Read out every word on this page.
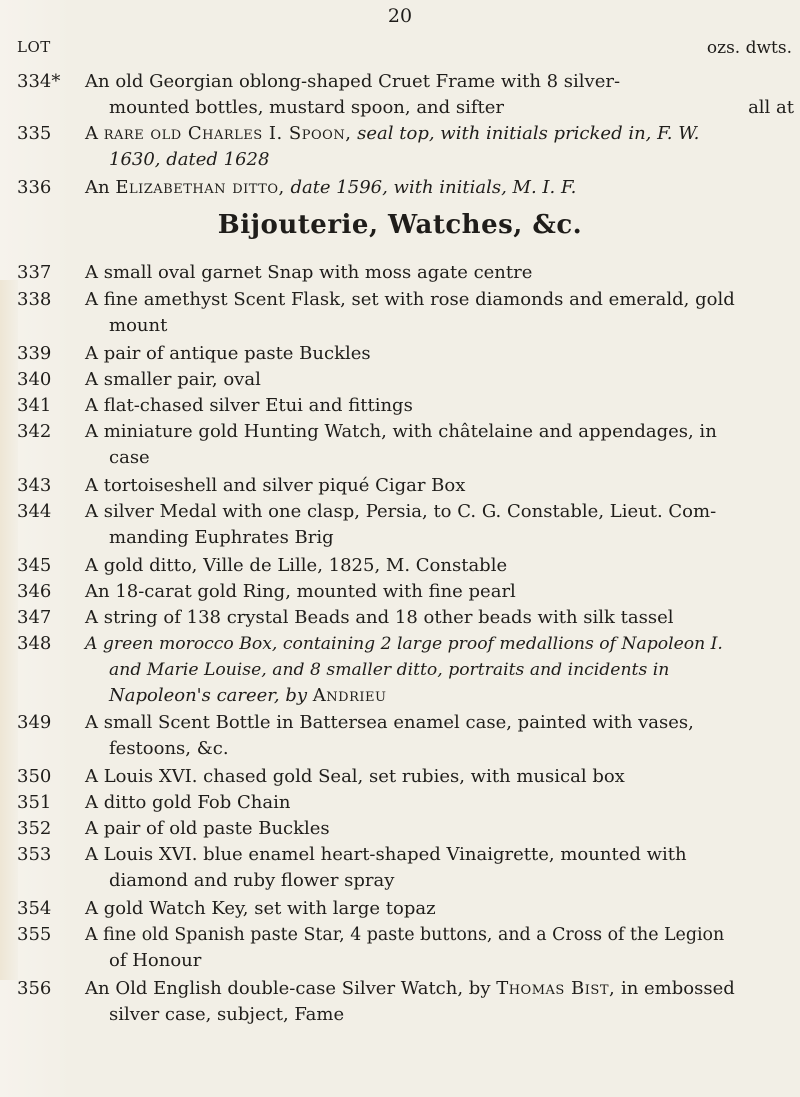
20
LOT	ozs. dwts.
334* An old Georgian oblong-shaped Cruet Frame with 8 silver-
mounted bottles, mustard spoon, and sifter	all at
335 A rare old Charles I. Spoon, seal top, with initials pricked in, F. W.
1630, dated 1628
336 An Elizabethan ditto, date 1596, with initials, M. I. F.
Bijouterie, Watches, &c.
337 A small oval garnet Snap with moss agate centre
338 A fine amethyst Scent Flask, set with rose diamonds and emerald, gold
mount
339 A pair of antique paste Buckles
340 A smaller pair, oval
341 A flat-chased silver Etui and fittings
342 A miniature gold Hunting Watch, with châtelaine and appendages, in
case
343 A tortoiseshell and silver piqué Cigar Box
344 A silver Medal with one clasp, Persia, to C. G. Constable, Lieut. Com-
manding Euphrates Brig
345 A gold ditto, Ville de Lille, 1825, M. Constable
346 An 18-carat gold Ring, mounted with fine pearl
347 A string of 138 crystal Beads and 18 other beads with silk tassel
348 A green morocco Box, containing 2 large proof medallions of Napoleon I.
and Marie Louise, and 8 smaller ditto, portraits and incidents in
Napoleon's career, by Andrieu
349 A small Scent Bottle in Battersea enamel case, painted with vases,
festoons, &c.
350 A Louis XVI. chased gold Seal, set rubies, with musical box
351 A ditto gold Fob Chain
352 A pair of old paste Buckles
353 A Louis XVI. blue enamel heart-shaped Vinaigrette, mounted with
diamond and ruby flower spray
354 A gold Watch Key, set with large topaz
355 A fine old Spanish paste Star, 4 paste buttons, and a Cross of the Legion
of Honour
356 An Old English double-case Silver Watch, by Thomas Bist, in embossed
silver case, subject, Fame
